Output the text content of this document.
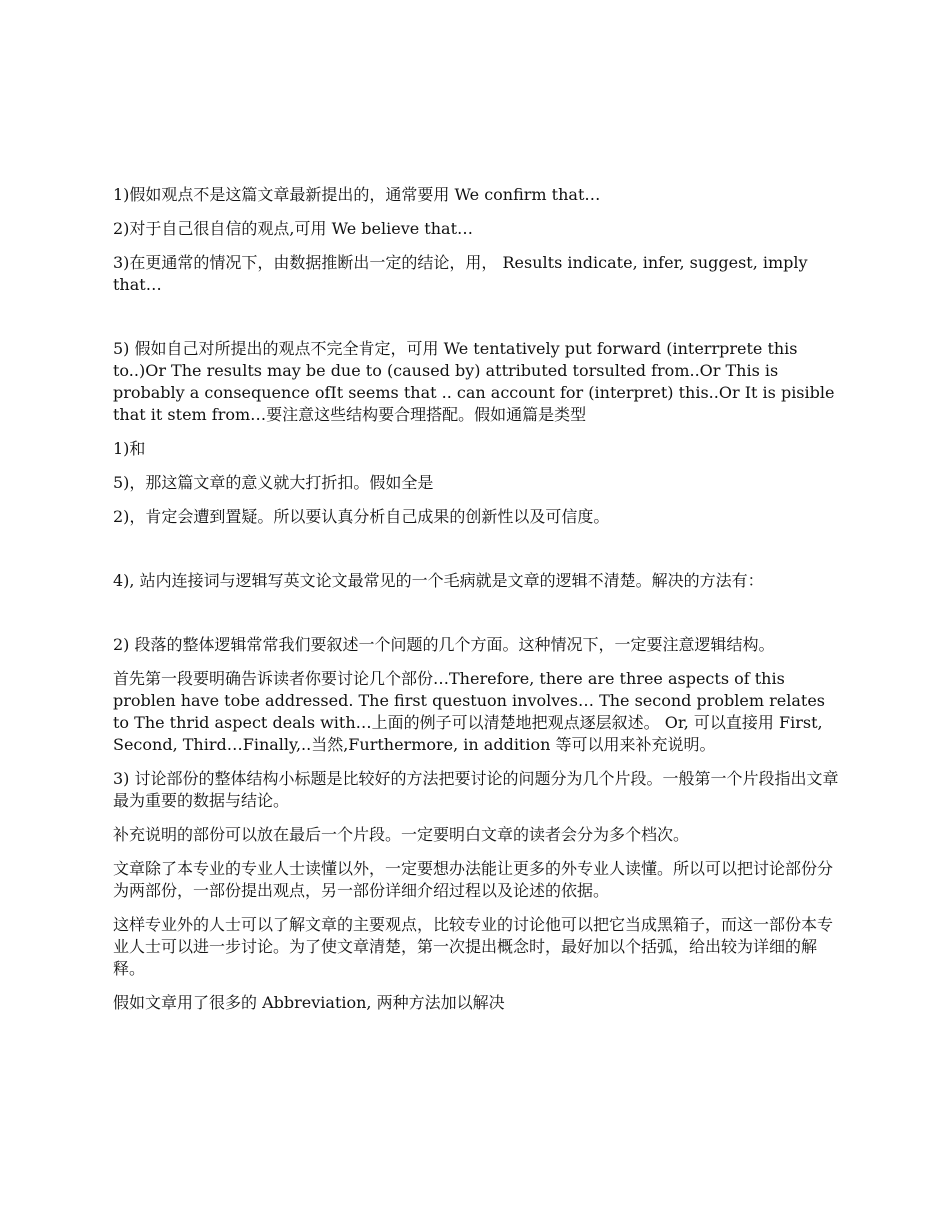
1)假如观点不是这篇文章最新提出的，通常要用 We confirm that…

2)对于自己很自信的观点,可用 We believe that…

3)在更通常的情况下，由数据推断出一定的结论，用， Results indicate, infer, suggest, imply that…

5) 假如自己对所提出的观点不完全肯定，可用 We tentatively put forward (interrprete this to..)Or The results may be due to (caused by) attributed torsulted from..Or This is probably a consequence ofIt seems that .. can account for (interpret) this..Or It is pisible that it stem from…要注意这些结构要合理搭配。假如通篇是类型

1)和

5)，那这篇文章的意义就大打折扣。假如全是

2)，肯定会遭到置疑。所以要认真分析自己成果的创新性以及可信度。

4), 站内连接词与逻辑写英文论文最常见的一个毛病就是文章的逻辑不清楚。解决的方法有：

2) 段落的整体逻辑常常我们要叙述一个问题的几个方面。这种情况下，一定要注意逻辑结构。

首先第一段要明确告诉读者你要讨论几个部份…Therefore, there are three aspects of this problen have tobe addressed. The first questuon involves… The second problem relates to The thrid aspect deals with…上面的例子可以清楚地把观点逐层叙述。 Or, 可以直接用 First, Second, Third…Finally,..当然,Furthermore, in addition 等可以用来补充说明。

3) 讨论部份的整体结构小标题是比较好的方法把要讨论的问题分为几个片段。一般第一个片段指出文章最为重要的数据与结论。

补充说明的部份可以放在最后一个片段。一定要明白文章的读者会分为多个档次。

文章除了本专业的专业人士读懂以外，一定要想办法能让更多的外专业人读懂。所以可以把讨论部份分为两部份，一部份提出观点，另一部份详细介绍过程以及论述的依据。

这样专业外的人士可以了解文章的主要观点，比较专业的讨论他可以把它当成黑箱子，而这一部份本专业人士可以进一步讨论。为了使文章清楚，第一次提出概念时，最好加以个括弧，给出较为详细的解释。

假如文章用了很多的 Abbreviation, 两种方法加以解决
